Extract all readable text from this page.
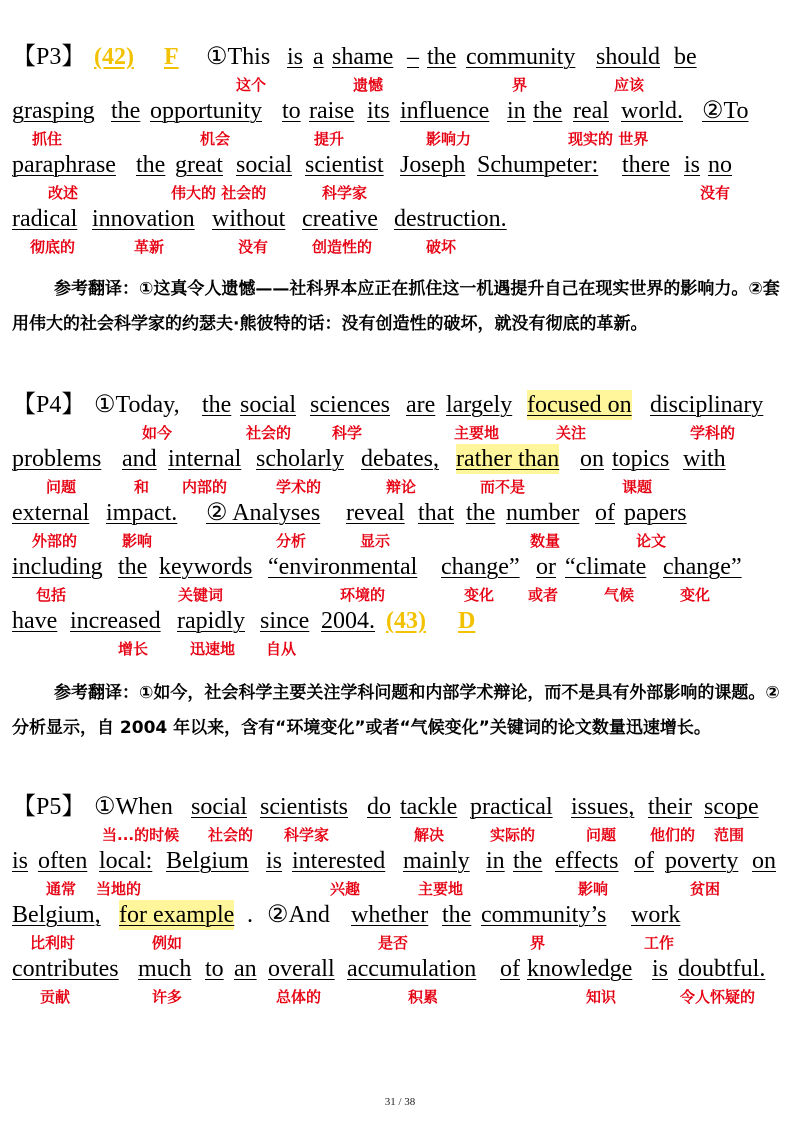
【P3】 (42)	F	①This is a shame – the community should be
这个	遗憾	界	应该
grasping the opportunity to raise its influence in the real world. ②To
抓住	机会	提升	影响力	现实的 世界
paraphrase the great social scientist Joseph Schumpeter: there is no
改述	伟大的 社会的	科学家	没有
radical innovation without creative destruction.
彻底的	革新	没有	创造性的	破坏
参考翻译：①这真令人遗憾——社科界本应正在抓住这一机遇提升自己在现实世界的影响力。②套用伟大的社会科学家的约瑟夫·熊彼特的话：没有创造性的破坏，就没有彻底的革新。
【P4】 ①Today, the social sciences are largely focused on disciplinary
如今	社会的	科学	主要地	关注	学科的
problems and internal scholarly debates, rather than on topics with
问题	和 内部的	学术的	辩论	而不是	课题
external impact. ② Analyses reveal that the number of papers
外部的	影响	分析	显示	数量	论文
including the keywords “environmental change” or “climate change”
包括	关键词	环境的	变化 或者	气候	变化
have increased rapidly since 2004. (43)	D
增长	迅速地 自从
参考翻译：①如今，社会科学主要关注学科问题和内部学术辩论，而不是具有外部影响的课题。②分析显示，自 2004 年以来，含有“环境变化”或者“气候变化”关键词的论文数量迅速增长。
【P5】 ①When social scientists do tackle practical issues, their scope
当...的时候 社会的 科学家	解决	实际的	问题 他们的 范围
is often local: Belgium is interested mainly in the effects of poverty on
通常 当地的	兴趣	主要地	影响	贫困
Belgium, for example . ②And whether the community’s work
比利时	例如	是否	界	工作
contributes much to an overall accumulation of knowledge is doubtful.
贡献	许多	总体的	积累	知识	令人怀疑的
31 / 38
